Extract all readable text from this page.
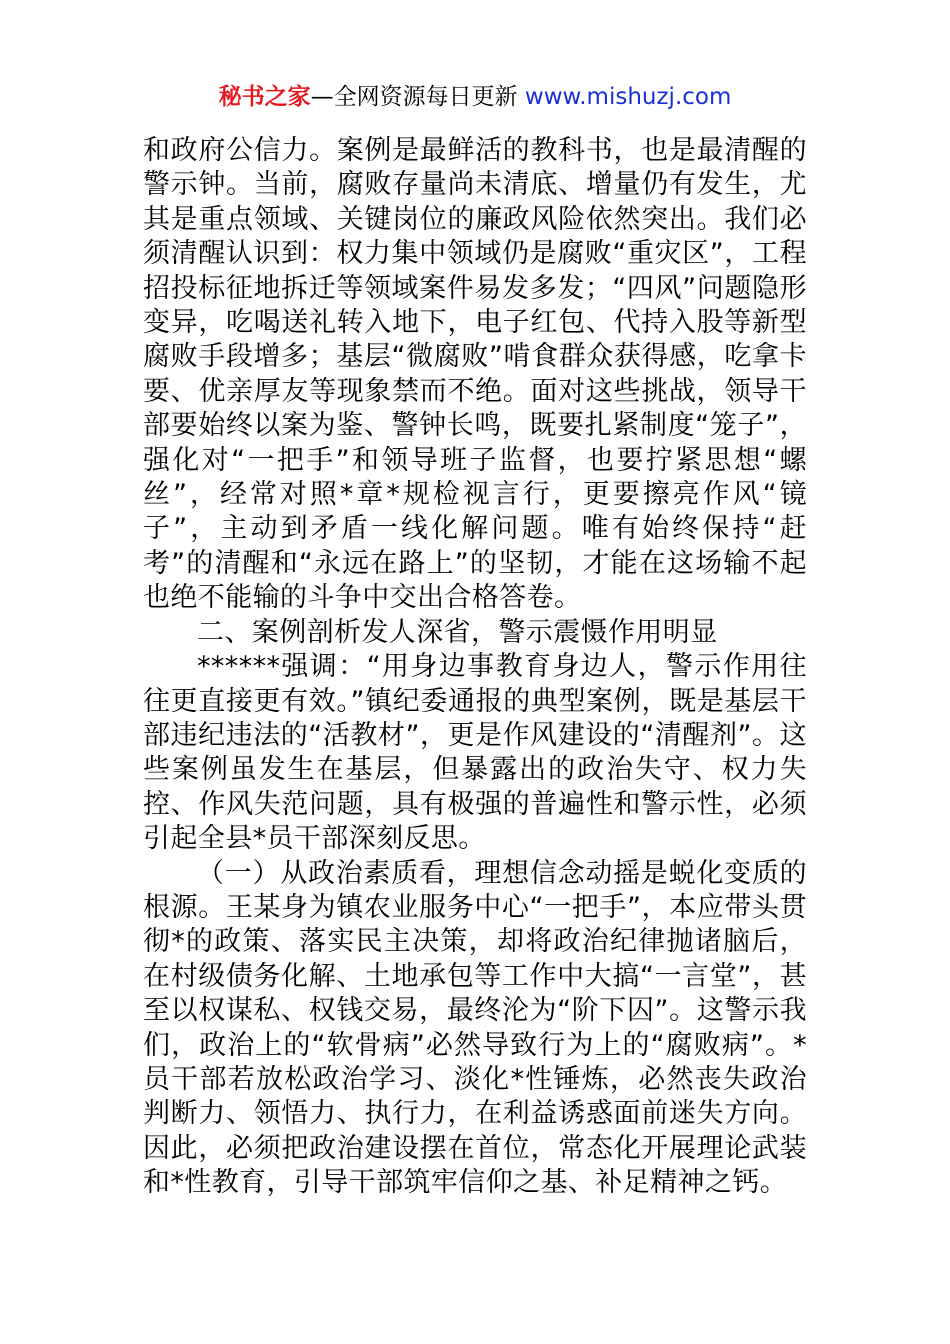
秘书之家—全网资源每日更新 www.mishuzj.com

和政府公信力。案例是最鲜活的教科书，也是最清醒的警示钟。当前，腐败存量尚未清底、增量仍有发生，尤其是重点领域、关键岗位的廉政风险依然突出。我们必须清醒认识到：权力集中领域仍是腐败“重灾区”，工程招投标征地拆迁等领域案件易发多发；“四风”问题隐形变异，吃喝送礼转入地下，电子红包、代持入股等新型腐败手段增多；基层“微腐败”啃食群众获得感，吃拿卡要、优亲厚友等现象禁而不绝。面对这些挑战，领导干部要始终以案为鉴、警钟长鸣，既要扎紧制度“笼子”，强化对“一把手”和领导班子监督，也要拧紧思想“螺丝”，经常对照*章*规检视言行，更要擦亮作风“镜子”，主动到矛盾一线化解问题。唯有始终保持“赶考”的清醒和“永远在路上”的坚韧，才能在这场输不起也绝不能输的斗争中交出合格答卷。

二、案例剖析发人深省，警示震慑作用明显

******强调：“用身边事教育身边人，警示作用往往更直接更有效。”镇纪委通报的典型案例，既是基层干部违纪违法的“活教材”，更是作风建设的“清醒剂”。这些案例虽发生在基层，但暴露出的政治失守、权力失控、作风失范问题，具有极强的普遍性和警示性，必须引起全县*员干部深刻反思。

（一）从政治素质看，理想信念动摇是蜕化变质的根源。王某身为镇农业服务中心“一把手”，本应带头贯彻*的政策、落实民主决策，却将政治纪律抛诸脑后，在村级债务化解、土地承包等工作中大搞“一言堂”，甚至以权谋私、权钱交易，最终沦为“阶下囚”。这警示我们，政治上的“软骨病”必然导致行为上的“腐败病”。*员干部若放松政治学习、淡化*性锤炼，必然丧失政治判断力、领悟力、执行力，在利益诱惑面前迷失方向。因此，必须把政治建设摆在首位，常态化开展理论武装和*性教育，引导干部筑牢信仰之基、补足精神之钙。
